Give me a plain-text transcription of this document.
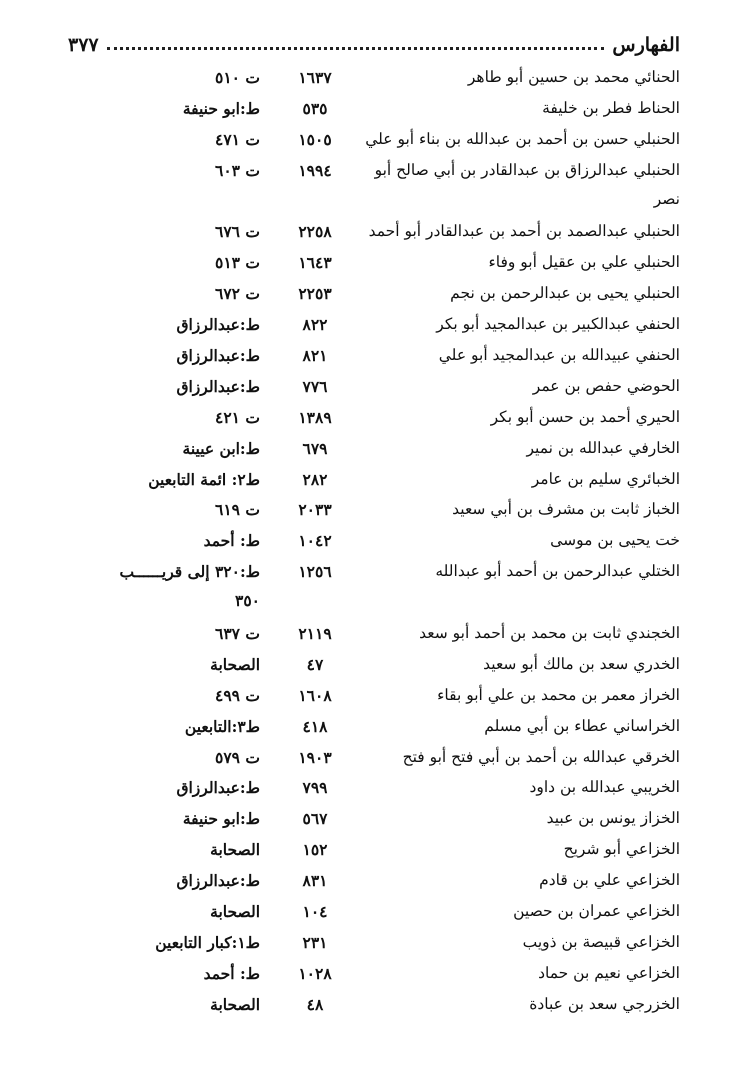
الفهارس
٣٧٧
الحنائي محمد بن حسين أبو طاهر
١٦٣٧
ت ٥١٠
الحناط فطر بن خليفة
٥٣٥
ط:ابو حنيفة
الحنبلي حسن بن أحمد بن عبدالله بن بناء أبو علي
١٥٠٥
ت ٤٧١
الحنبلي عبدالرزاق بن عبدالقادر بن أبي صالح أبو
١٩٩٤
ت ٦٠٣
نصر
الحنبلي عبدالصمد بن أحمد بن عبدالقادر أبو أحمد
٢٢٥٨
ت ٦٧٦
الحنبلي علي بن عقيل أبو وفاء
١٦٤٣
ت ٥١٣
الحنبلي يحيى بن عبدالرحمن بن نجم
٢٢٥٣
ت ٦٧٢
الحنفي عبدالكبير بن عبدالمجيد أبو بكر
٨٢٢
ط:عبدالرزاق
الحنفي عبيدالله بن عبدالمجيد أبو علي
٨٢١
ط:عبدالرزاق
الحوضي حفص بن عمر
٧٧٦
ط:عبدالرزاق
الحيري أحمد بن حسن أبو بكر
١٣٨٩
ت ٤٢١
الخارفي عبدالله بن نمير
٦٧٩
ط:ابن عيينة
الخبائري سليم بن عامر
٢٨٢
ط٢: ائمة التابعين
الخباز ثابت بن مشرف بن أبي سعيد
٢٠٣٣
ت ٦١٩
خت يحيى بن موسى
١٠٤٢
ط: أحمد
الختلي عبدالرحمن بن أحمد أبو عبدالله
١٢٥٦
ط:٣٢٠ إلى قريــــــب
٣٥٠
الخجندي ثابت بن محمد بن أحمد أبو سعد
٢١١٩
ت ٦٣٧
الخدري سعد بن مالك أبو سعيد
٤٧
الصحابة
الخراز معمر بن محمد بن علي أبو بقاء
١٦٠٨
ت ٤٩٩
الخراساني عطاء بن أبي مسلم
٤١٨
ط٣:التابعين
الخرقي عبدالله بن أحمد بن أبي فتح أبو فتح
١٩٠٣
ت ٥٧٩
الخريبي عبدالله بن داود
٧٩٩
ط:عبدالرزاق
الخزاز يونس بن عبيد
٥٦٧
ط:ابو حنيفة
الخزاعي أبو شريح
١٥٢
الصحابة
الخزاعي علي بن قادم
٨٣١
ط:عبدالرزاق
الخزاعي عمران بن حصين
١٠٤
الصحابة
الخزاعي قبيصة بن ذويب
٢٣١
ط١:كبار التابعين
الخزاعي نعيم بن حماد
١٠٢٨
ط: أحمد
الخزرجي سعد بن عبادة
٤٨
الصحابة
